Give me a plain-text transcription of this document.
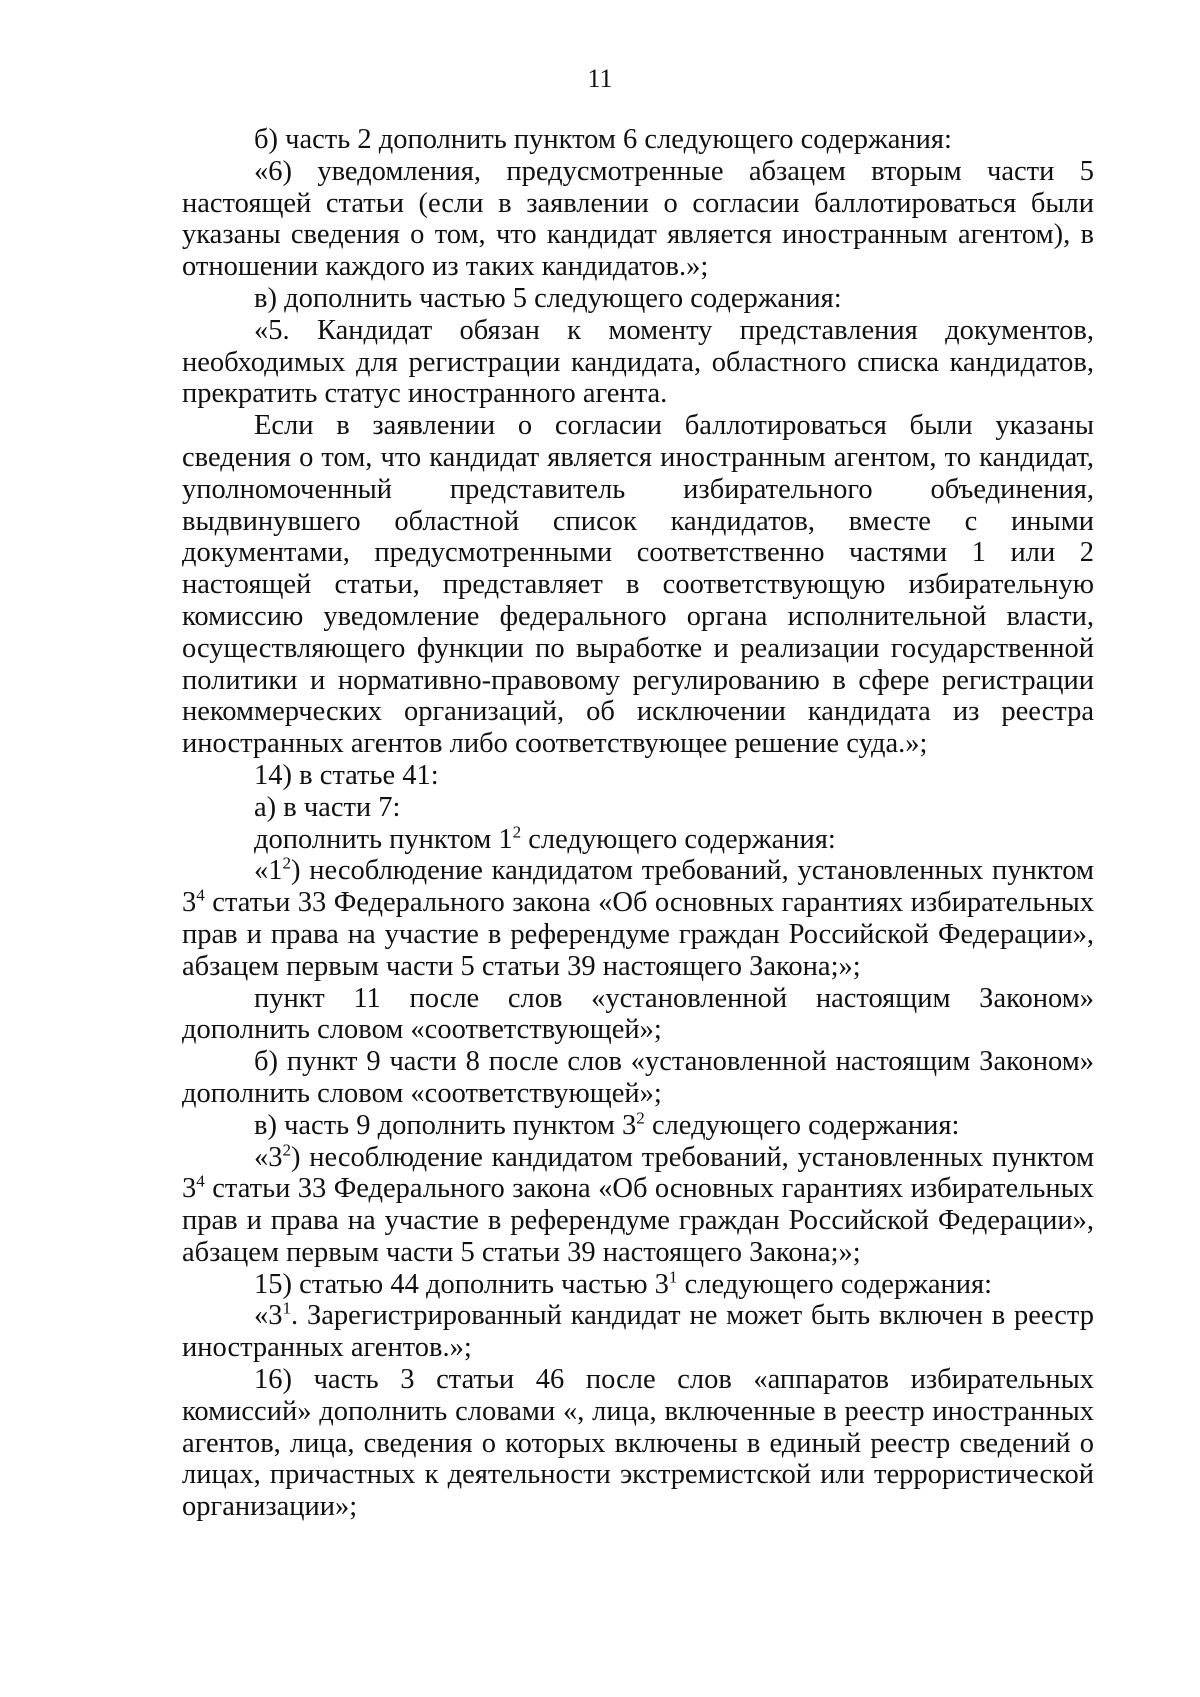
11

б) часть 2 дополнить пунктом 6 следующего содержания:

«6) уведомления, предусмотренные абзацем вторым части 5 настоящей статьи (если в заявлении о согласии баллотироваться были указаны сведения о том, что кандидат является иностранным агентом), в отношении каждого из таких кандидатов.»;

в) дополнить частью 5 следующего содержания:

«5. Кандидат обязан к моменту представления документов, необходимых для регистрации кандидата, областного списка кандидатов, прекратить статус иностранного агента.

Если в заявлении о согласии баллотироваться были указаны сведения о том, что кандидат является иностранным агентом, то кандидат, уполномоченный представитель избирательного объединения, выдвинувшего областной список кандидатов, вместе с иными документами, предусмотренными соответственно частями 1 или 2 настоящей статьи, представляет в соответствующую избирательную комиссию уведомление федерального органа исполнительной власти, осуществляющего функции по выработке и реализации государственной политики и нормативно-правовому регулированию в сфере регистрации некоммерческих организаций, об исключении кандидата из реестра иностранных агентов либо соответствующее решение суда.»;

14) в статье 41:

а) в части 7:

дополнить пунктом $1^2$ следующего содержания:

«$1^2$) несоблюдение кандидатом требований, установленных пунктом $3^4$ статьи 33 Федерального закона «Об основных гарантиях избирательных прав и права на участие в референдуме граждан Российской Федерации», абзацем первым части 5 статьи 39 настоящего Закона;»;

пункт 11 после слов «установленной настоящим Законом» дополнить словом «соответствующей»;

б) пункт 9 части 8 после слов «установленной настоящим Законом» дополнить словом «соответствующей»;

в) часть 9 дополнить пунктом $3^2$ следующего содержания:

«$3^2$) несоблюдение кандидатом требований, установленных пунктом $3^4$ статьи 33 Федерального закона «Об основных гарантиях избирательных прав и права на участие в референдуме граждан Российской Федерации», абзацем первым части 5 статьи 39 настоящего Закона;»;

15) статью 44 дополнить частью $3^1$ следующего содержания:

«$3^1$. Зарегистрированный кандидат не может быть включен в реестр иностранных агентов.»;

16) часть 3 статьи 46 после слов «аппаратов избирательных комиссий» дополнить словами «, лица, включенные в реестр иностранных агентов, лица, сведения о которых включены в единый реестр сведений о лицах, причастных к деятельности экстремистской или террористической организации»;
